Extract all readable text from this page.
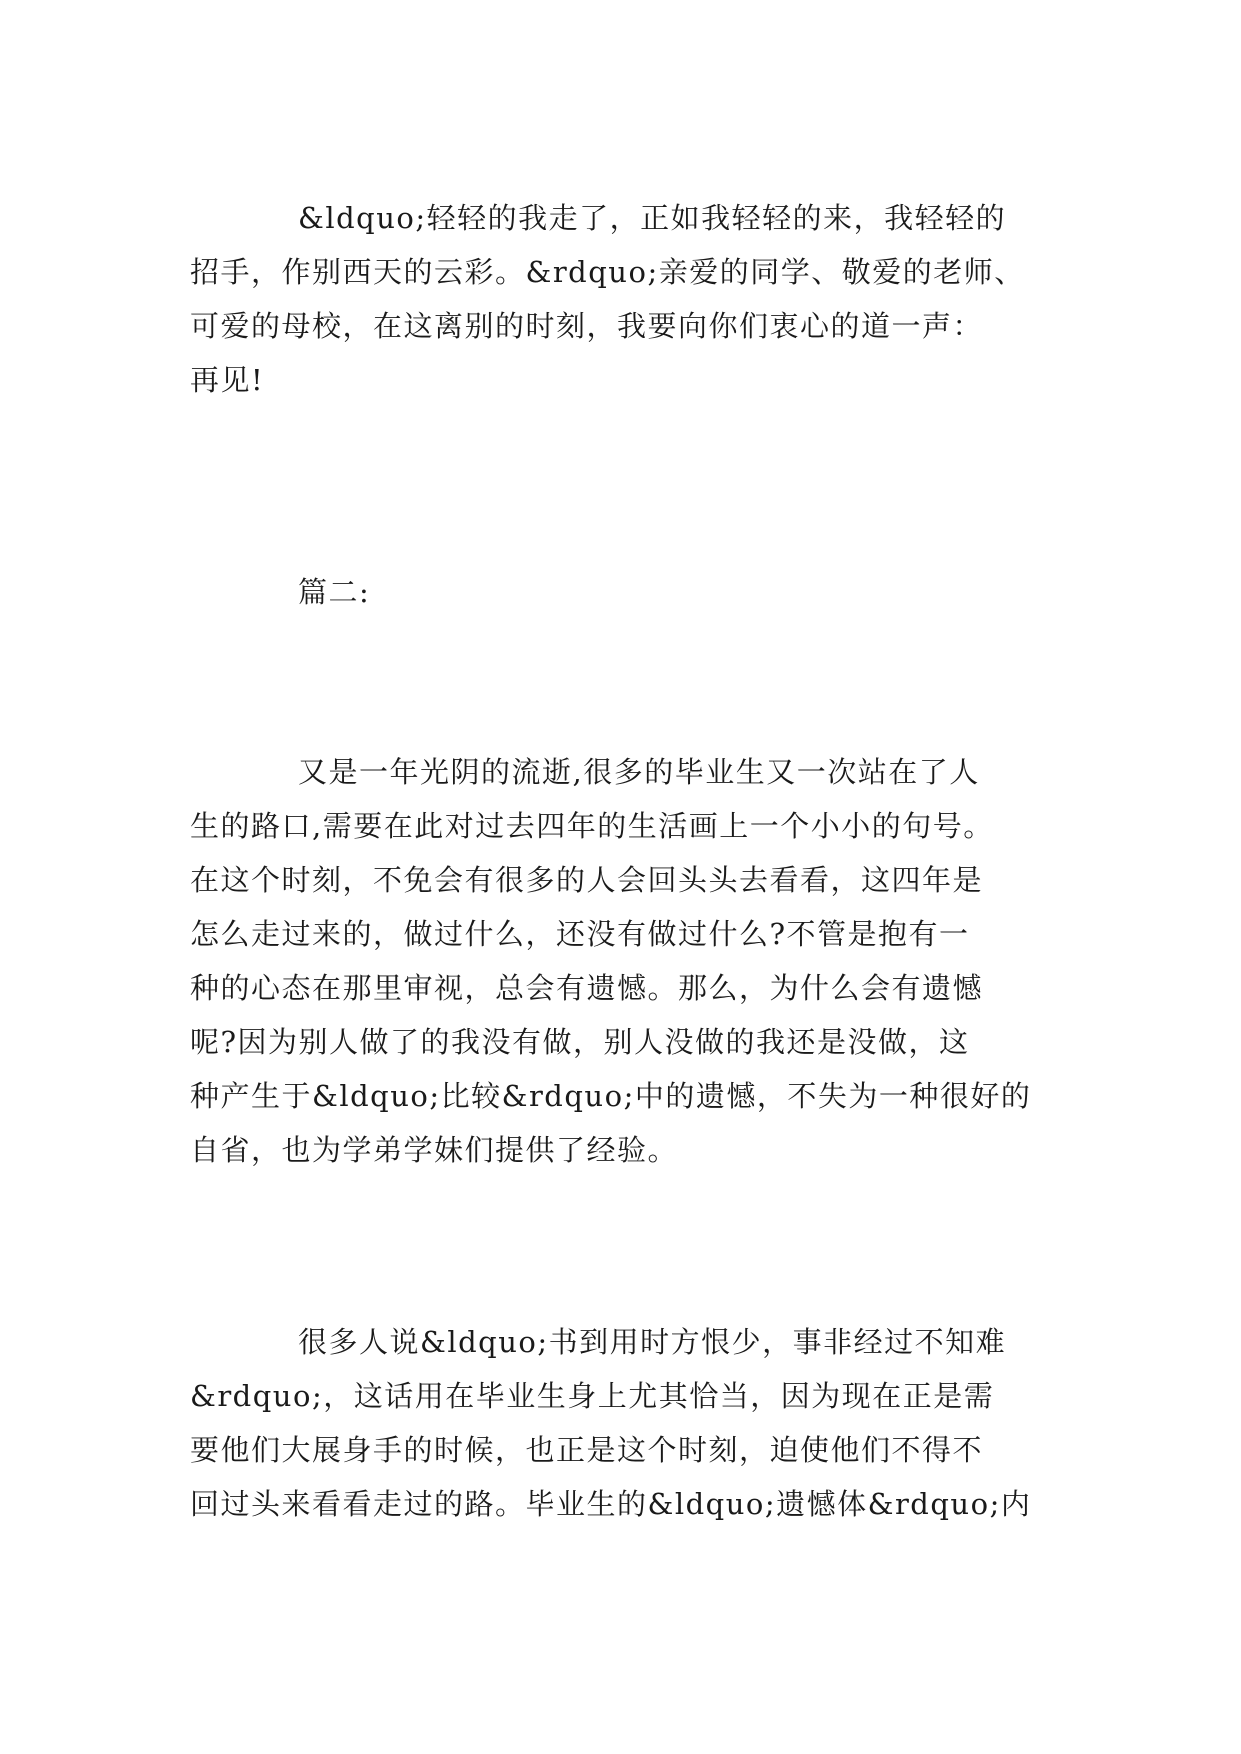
&ldquo;轻轻的我走了，正如我轻轻的来，我轻轻的
招手，作别西天的云彩。&rdquo;亲爱的同学、敬爱的老师、
可爱的母校，在这离别的时刻，我要向你们衷心的道一声：
再见!
篇二:
又是一年光阴的流逝,很多的毕业生又一次站在了人
生的路口,需要在此对过去四年的生活画上一个小小的句号。
在这个时刻，不免会有很多的人会回头头去看看，这四年是
怎么走过来的，做过什么，还没有做过什么?不管是抱有一
种的心态在那里审视，总会有遗憾。那么，为什么会有遗憾
呢?因为别人做了的我没有做，别人没做的我还是没做，这
种产生于&ldquo;比较&rdquo;中的遗憾，不失为一种很好的
自省，也为学弟学妹们提供了经验。
很多人说&ldquo;书到用时方恨少，事非经过不知难
&rdquo;，这话用在毕业生身上尤其恰当，因为现在正是需
要他们大展身手的时候，也正是这个时刻，迫使他们不得不
回过头来看看走过的路。毕业生的&ldquo;遗憾体&rdquo;内
